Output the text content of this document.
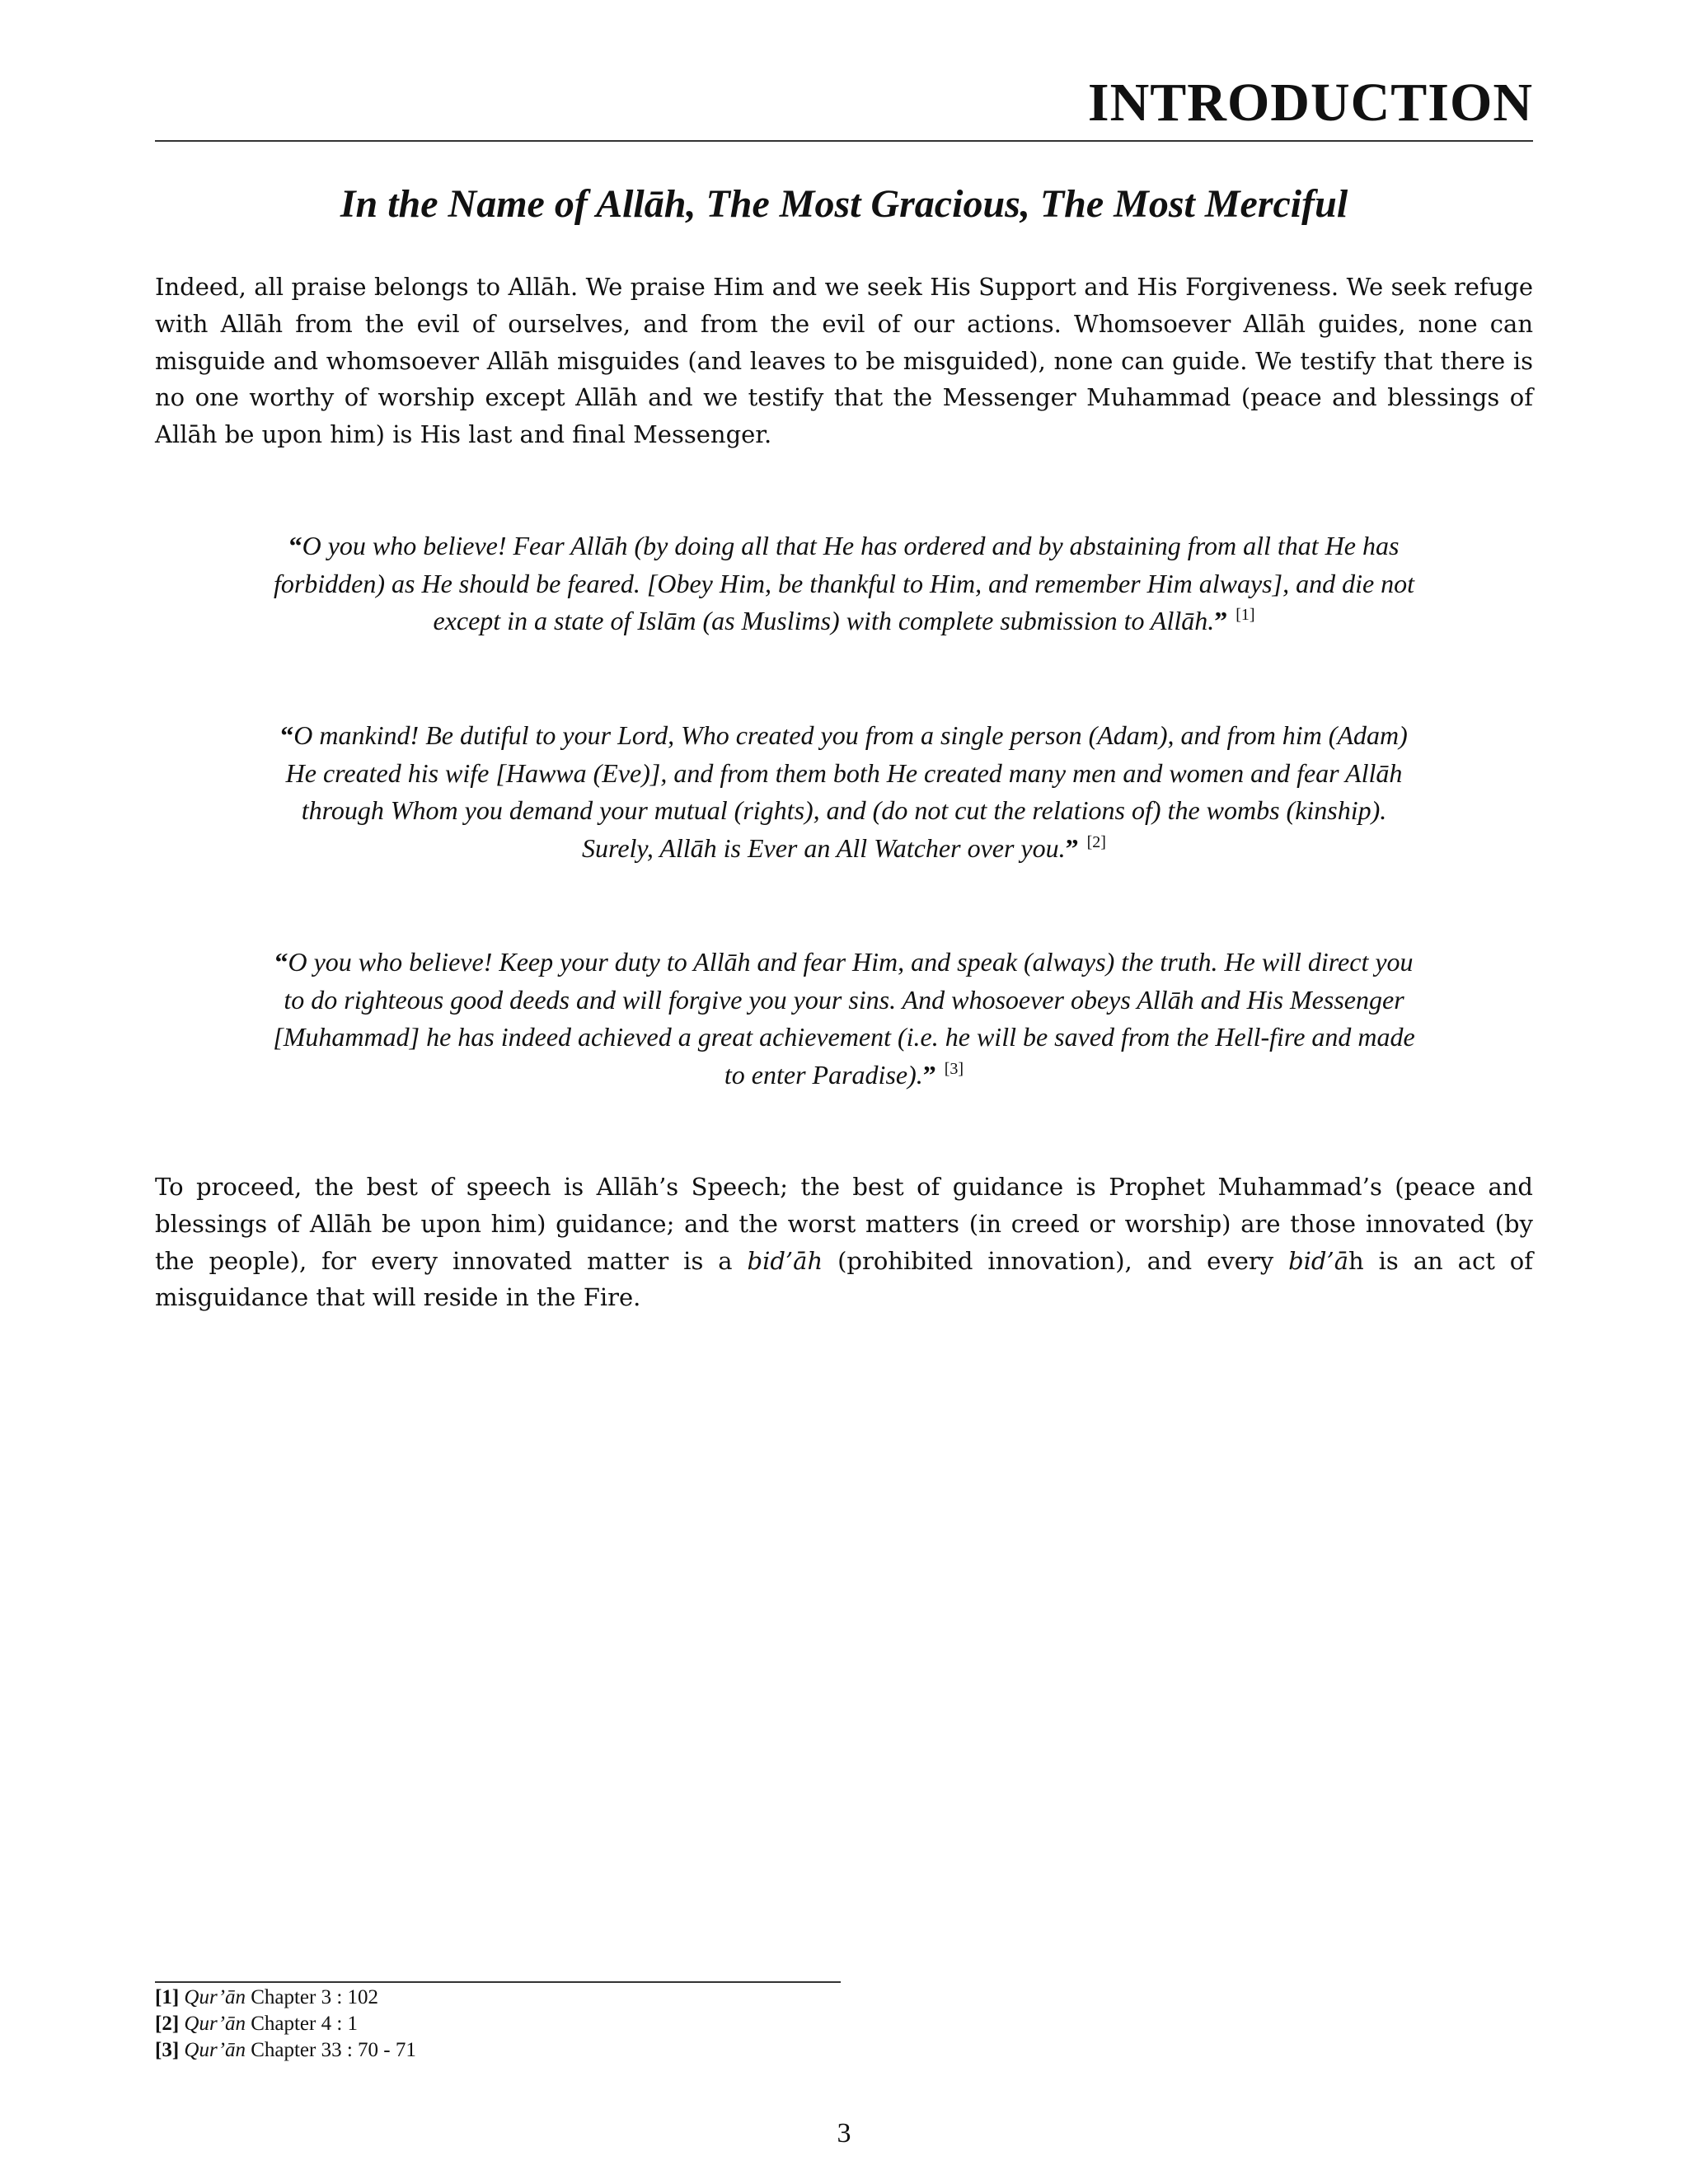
INTRODUCTION
In the Name of Allāh, The Most Gracious, The Most Merciful

Indeed, all praise belongs to Allāh. We praise Him and we seek His Support and His Forgiveness. We seek refuge with Allāh from the evil of ourselves, and from the evil of our actions. Whomsoever Allāh guides, none can misguide and whomsoever Allāh misguides (and leaves to be misguided), none can guide. We testify that there is no one worthy of worship except Allāh and we testify that the Messenger Muhammad (peace and blessings of Allāh be upon him) is His last and final Messenger.

“O you who believe! Fear Allāh (by doing all that He has ordered and by abstaining from all that He has forbidden) as He should be feared. [Obey Him, be thankful to Him, and remember Him always], and die not except in a state of Islām (as Muslims) with complete submission to Allāh.” [1]

“O mankind! Be dutiful to your Lord, Who created you from a single person (Adam), and from him (Adam) He created his wife [Hawwa (Eve)], and from them both He created many men and women and fear Allāh through Whom you demand your mutual (rights), and (do not cut the relations of) the wombs (kinship). Surely, Allāh is Ever an All Watcher over you.” [2]

“O you who believe! Keep your duty to Allāh and fear Him, and speak (always) the truth. He will direct you to do righteous good deeds and will forgive you your sins. And whosoever obeys Allāh and His Messenger [Muhammad] he has indeed achieved a great achievement (i.e. he will be saved from the Hell-fire and made to enter Paradise).” [3]

To proceed, the best of speech is Allāh’s Speech; the best of guidance is Prophet Muhammad’s (peace and blessings of Allāh be upon him) guidance; and the worst matters (in creed or worship) are those innovated (by the people), for every innovated matter is a bid’āh (prohibited innovation), and every bid’āh is an act of misguidance that will reside in the Fire.

[1] Qur’ān Chapter 3 : 102
[2] Qur’ān Chapter 4 : 1
[3] Qur’ān Chapter 33 : 70 - 71
3
